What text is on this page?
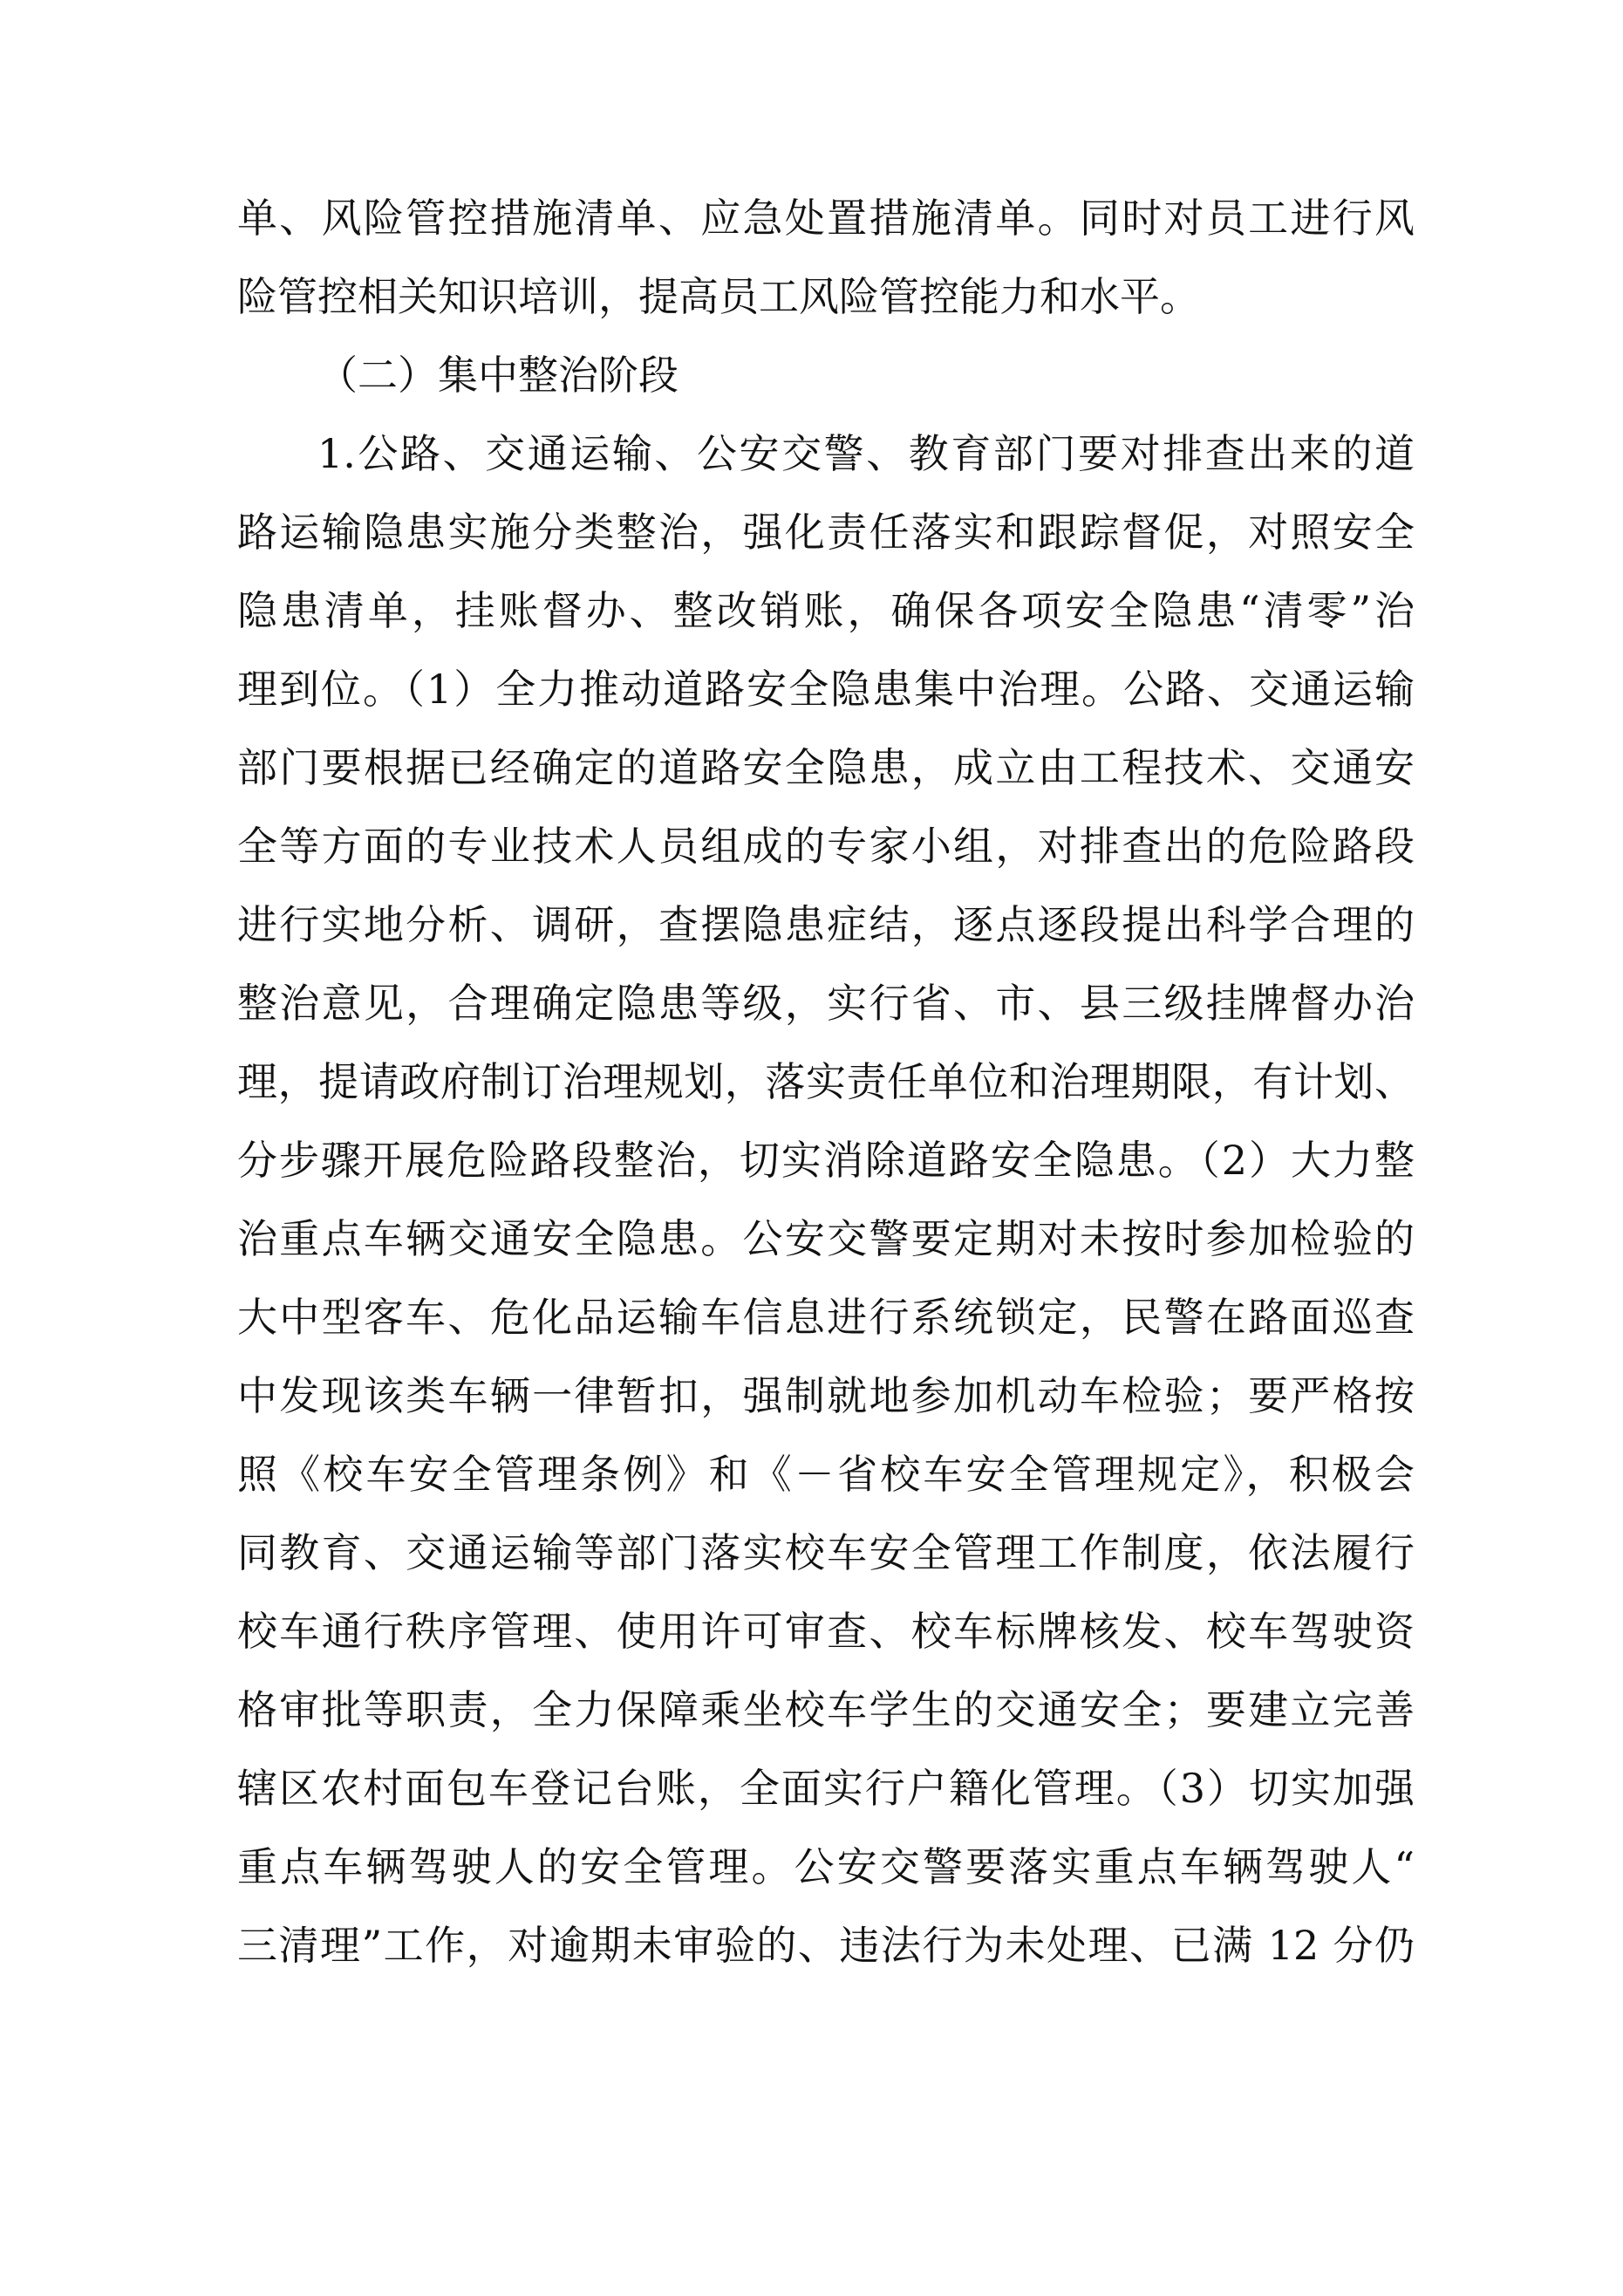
单、风险管控措施清单、应急处置措施清单。同时对员工进行风
险管控相关知识培训，提高员工风险管控能力和水平。
（二）集中整治阶段
1.公路、交通运输、公安交警、教育部门要对排查出来的道
路运输隐患实施分类整治，强化责任落实和跟踪督促，对照安全
隐患清单，挂账督办、整改销账，确保各项安全隐患“清零”治
理到位。（1）全力推动道路安全隐患集中治理。公路、交通运输
部门要根据已经确定的道路安全隐患，成立由工程技术、交通安
全等方面的专业技术人员组成的专家小组，对排查出的危险路段
进行实地分析、调研，查摆隐患症结，逐点逐段提出科学合理的
整治意见，合理确定隐患等级，实行省、市、县三级挂牌督办治
理，提请政府制订治理规划，落实责任单位和治理期限，有计划、
分步骤开展危险路段整治，切实消除道路安全隐患。（2）大力整
治重点车辆交通安全隐患。公安交警要定期对未按时参加检验的
大中型客车、危化品运输车信息进行系统锁定，民警在路面巡查
中发现该类车辆一律暂扣，强制就地参加机动车检验；要严格按
照《校车安全管理条例》和《－省校车安全管理规定》，积极会
同教育、交通运输等部门落实校车安全管理工作制度，依法履行
校车通行秩序管理、使用许可审查、校车标牌核发、校车驾驶资
格审批等职责，全力保障乘坐校车学生的交通安全；要建立完善
辖区农村面包车登记台账，全面实行户籍化管理。（3）切实加强
重点车辆驾驶人的安全管理。公安交警要落实重点车辆驾驶人“
三清理”工作，对逾期未审验的、违法行为未处理、已满 12 分仍
